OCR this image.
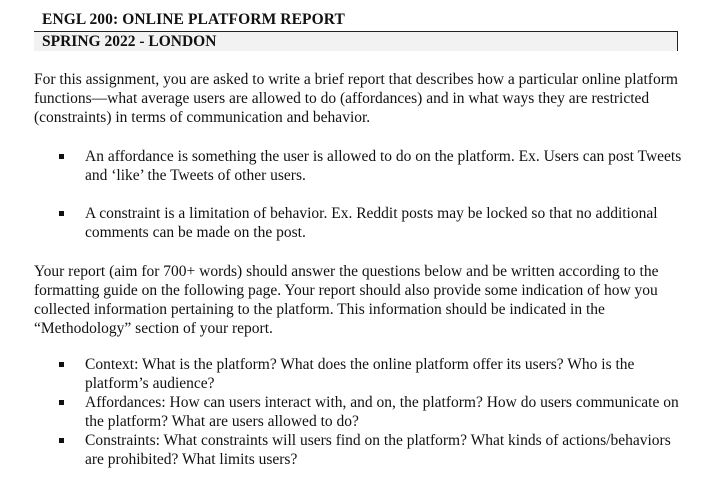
ENGL 200: ONLINE PLATFORM REPORT
SPRING 2022 - LONDON
For this assignment, you are asked to write a brief report that describes how a particular online platform functions—what average users are allowed to do (affordances) and in what ways they are restricted (constraints) in terms of communication and behavior.
An affordance is something the user is allowed to do on the platform. Ex. Users can post Tweets and ‘like’ the Tweets of other users.
A constraint is a limitation of behavior. Ex. Reddit posts may be locked so that no additional comments can be made on the post.
Your report (aim for 700+ words) should answer the questions below and be written according to the formatting guide on the following page. Your report should also provide some indication of how you collected information pertaining to the platform. This information should be indicated in the “Methodology” section of your report.
Context: What is the platform? What does the online platform offer its users? Who is the platform’s audience?
Affordances: How can users interact with, and on, the platform? How do users communicate on the platform? What are users allowed to do?
Constraints: What constraints will users find on the platform? What kinds of actions/behaviors are prohibited? What limits users?
